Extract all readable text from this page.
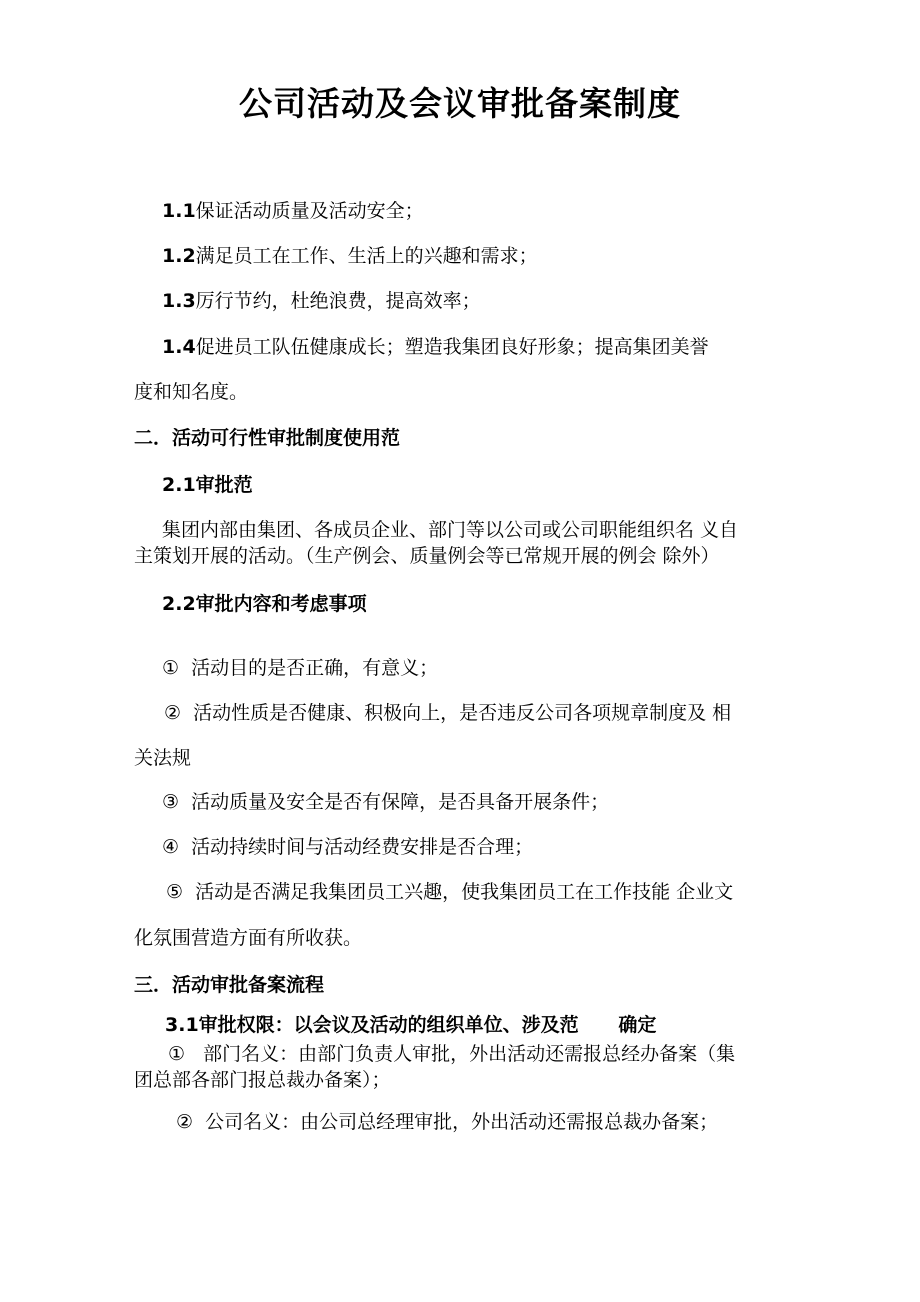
公司活动及会议审批备案制度
1.1保证活动质量及活动安全；
1.2满足员工在工作、生活上的兴趣和需求；
1.3厉行节约，杜绝浪费，提高效率；
1.4促进员工队伍健康成长；塑造我集团良好形象；提高集团美誉
度和知名度。
二．活动可行性审批制度使用范
2.1审批范
集团内部由集团、各成员企业、部门等以公司或公司职能组织名 义自
主策划开展的活动。（生产例会、质量例会等已常规开展的例会 除外）
2.2审批内容和考虑事项
① 活动目的是否正确，有意义；
② 活动性质是否健康、积极向上，是否违反公司各项规章制度及 相
关法规
③ 活动质量及安全是否有保障，是否具备开展条件；
④ 活动持续时间与活动经费安排是否合理；
⑤ 活动是否满足我集团员工兴趣，使我集团员工在工作技能 企业文
化氛围营造方面有所收获。
三．活动审批备案流程
3.1审批权限：以会议及活动的组织单位、涉及范      确定
① 部门名义：由部门负责人审批，外出活动还需报总经办备案（集
团总部各部门报总裁办备案）；
② 公司名义：由公司总经理审批，外出活动还需报总裁办备案；
